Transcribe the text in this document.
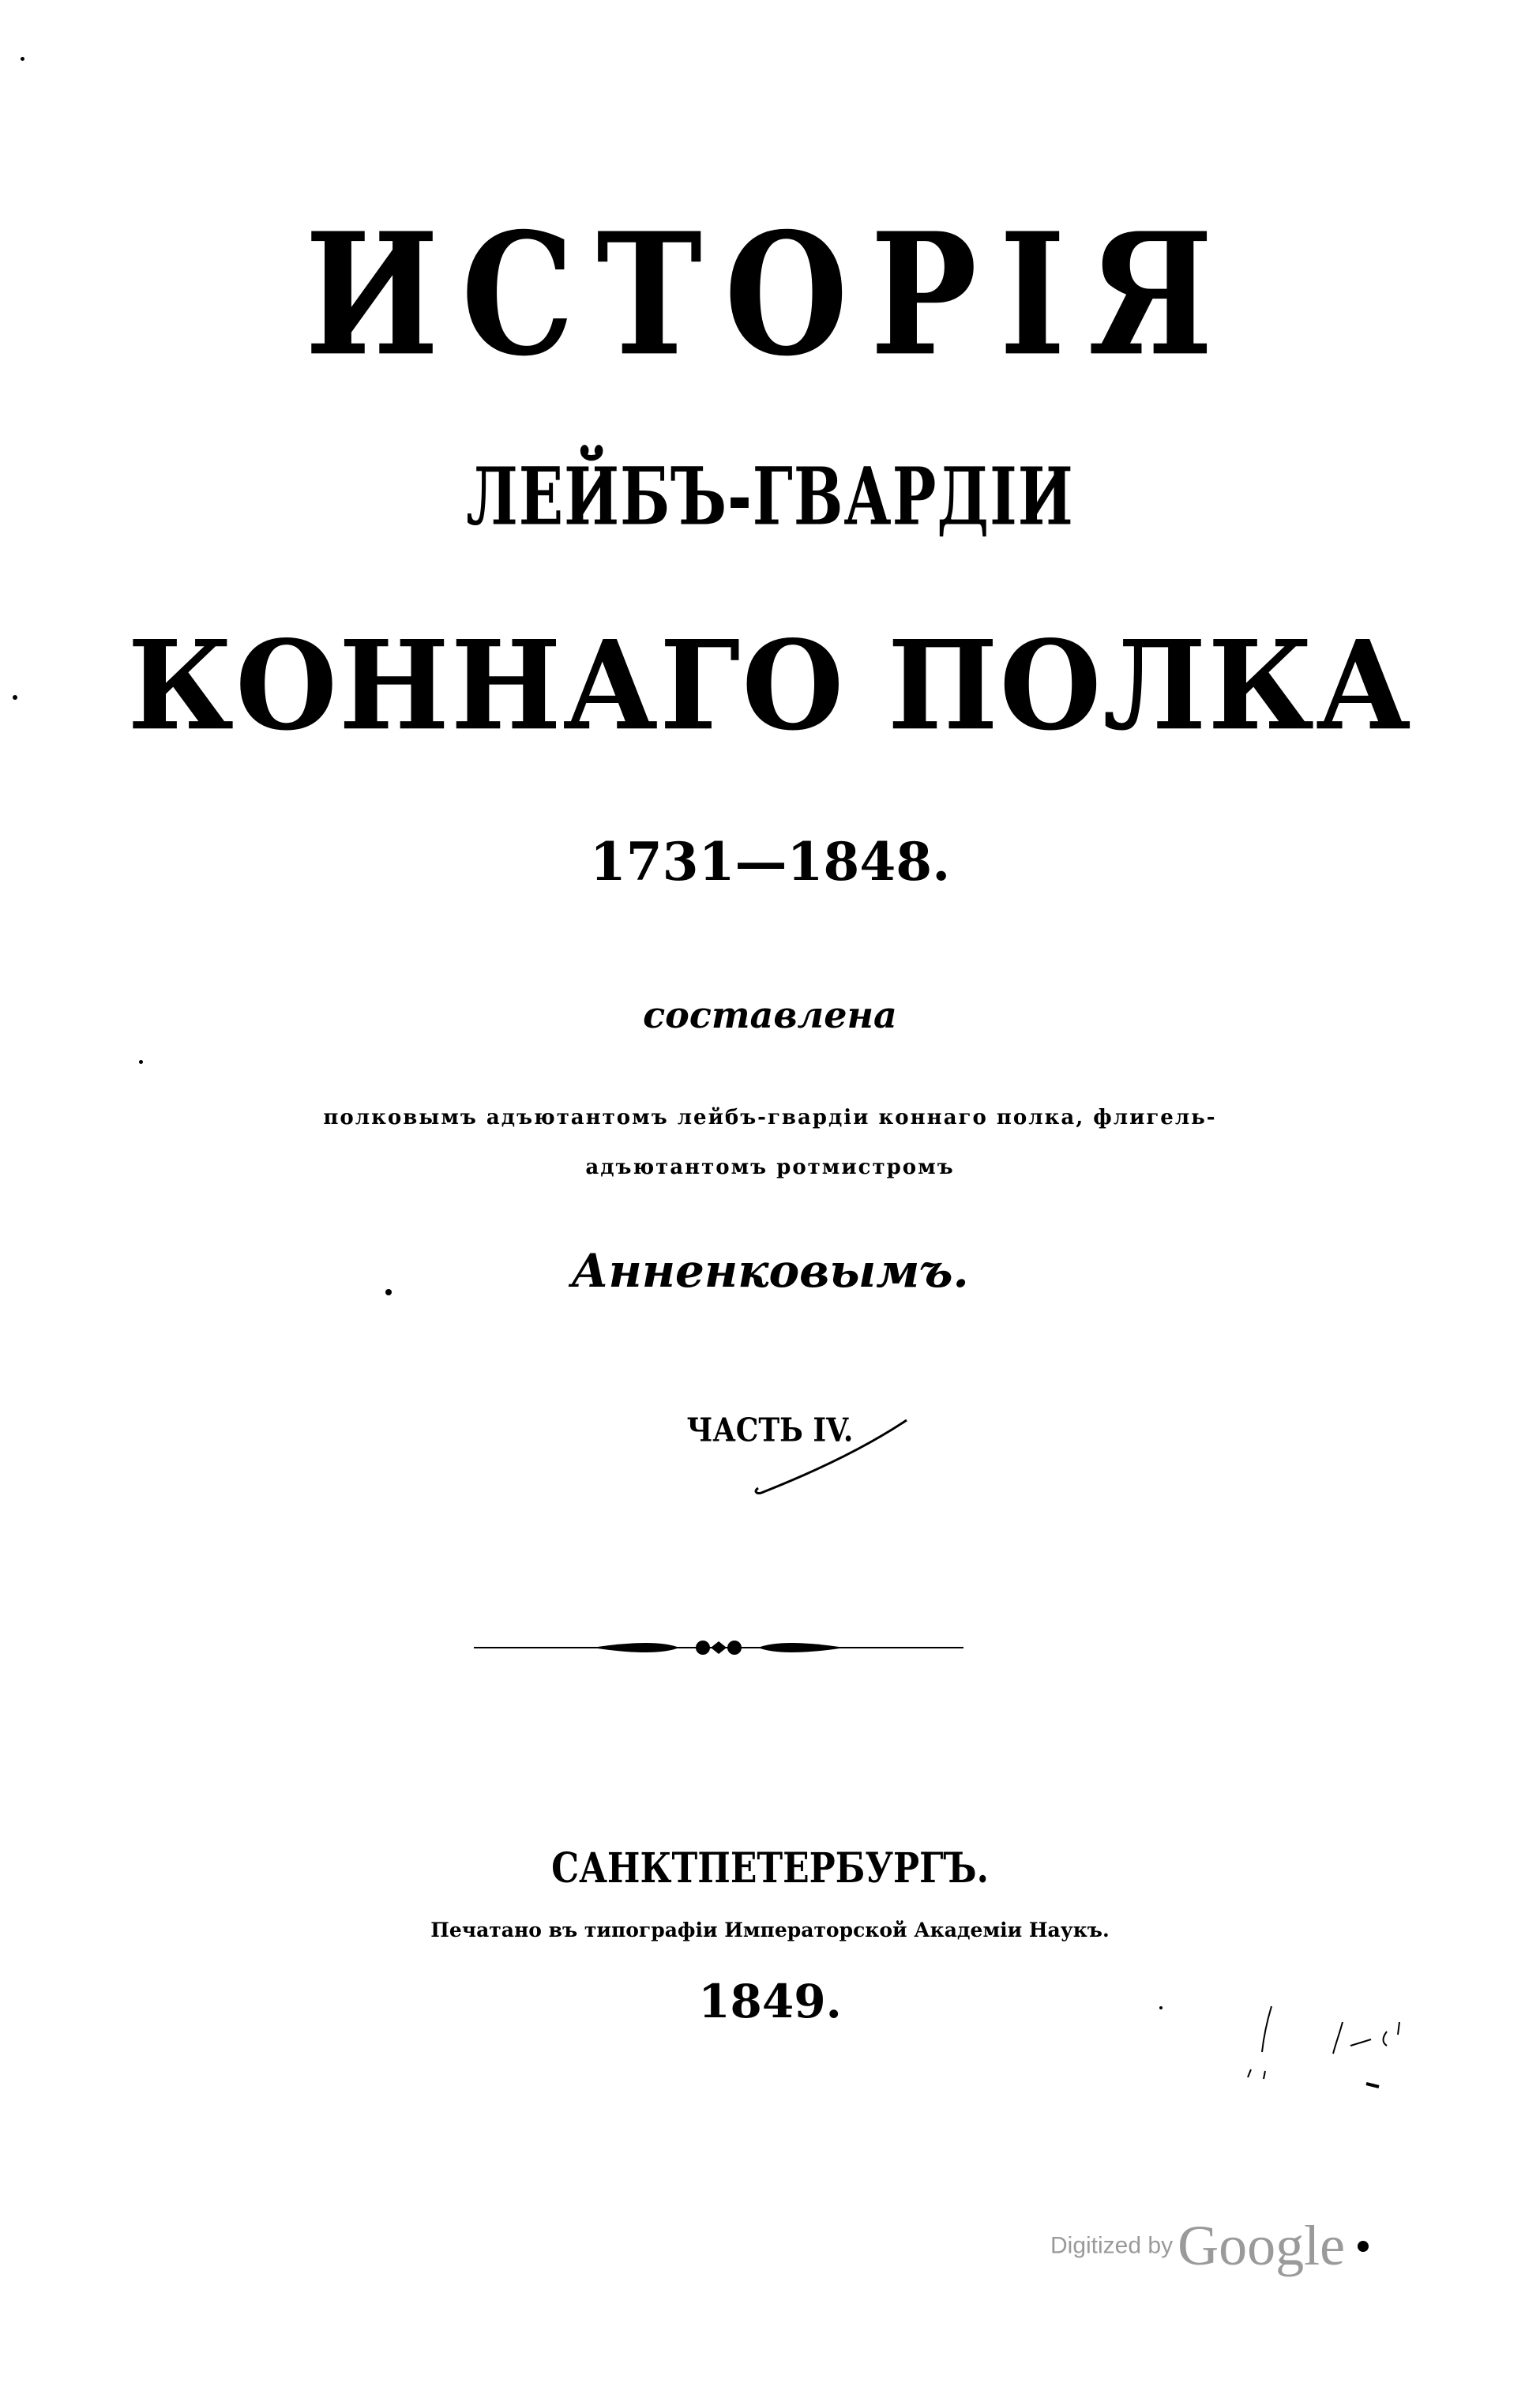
ИСТОРІЯ
ЛЕЙБЪ-ГВАРДІИ
КОННАГО ПОЛКА
1731—1848.
составлена
полковымъ адъютантомъ лейбъ-гвардіи коннаго полка, флигель-
адъютантомъ ротмистромъ
Анненковымъ.
ЧАСТЬ IV.
САНКТПЕТЕРБУРГЪ.
Печатано въ типографіи Императорской Академіи Наукъ.
1849.
Digitized byGoogle
